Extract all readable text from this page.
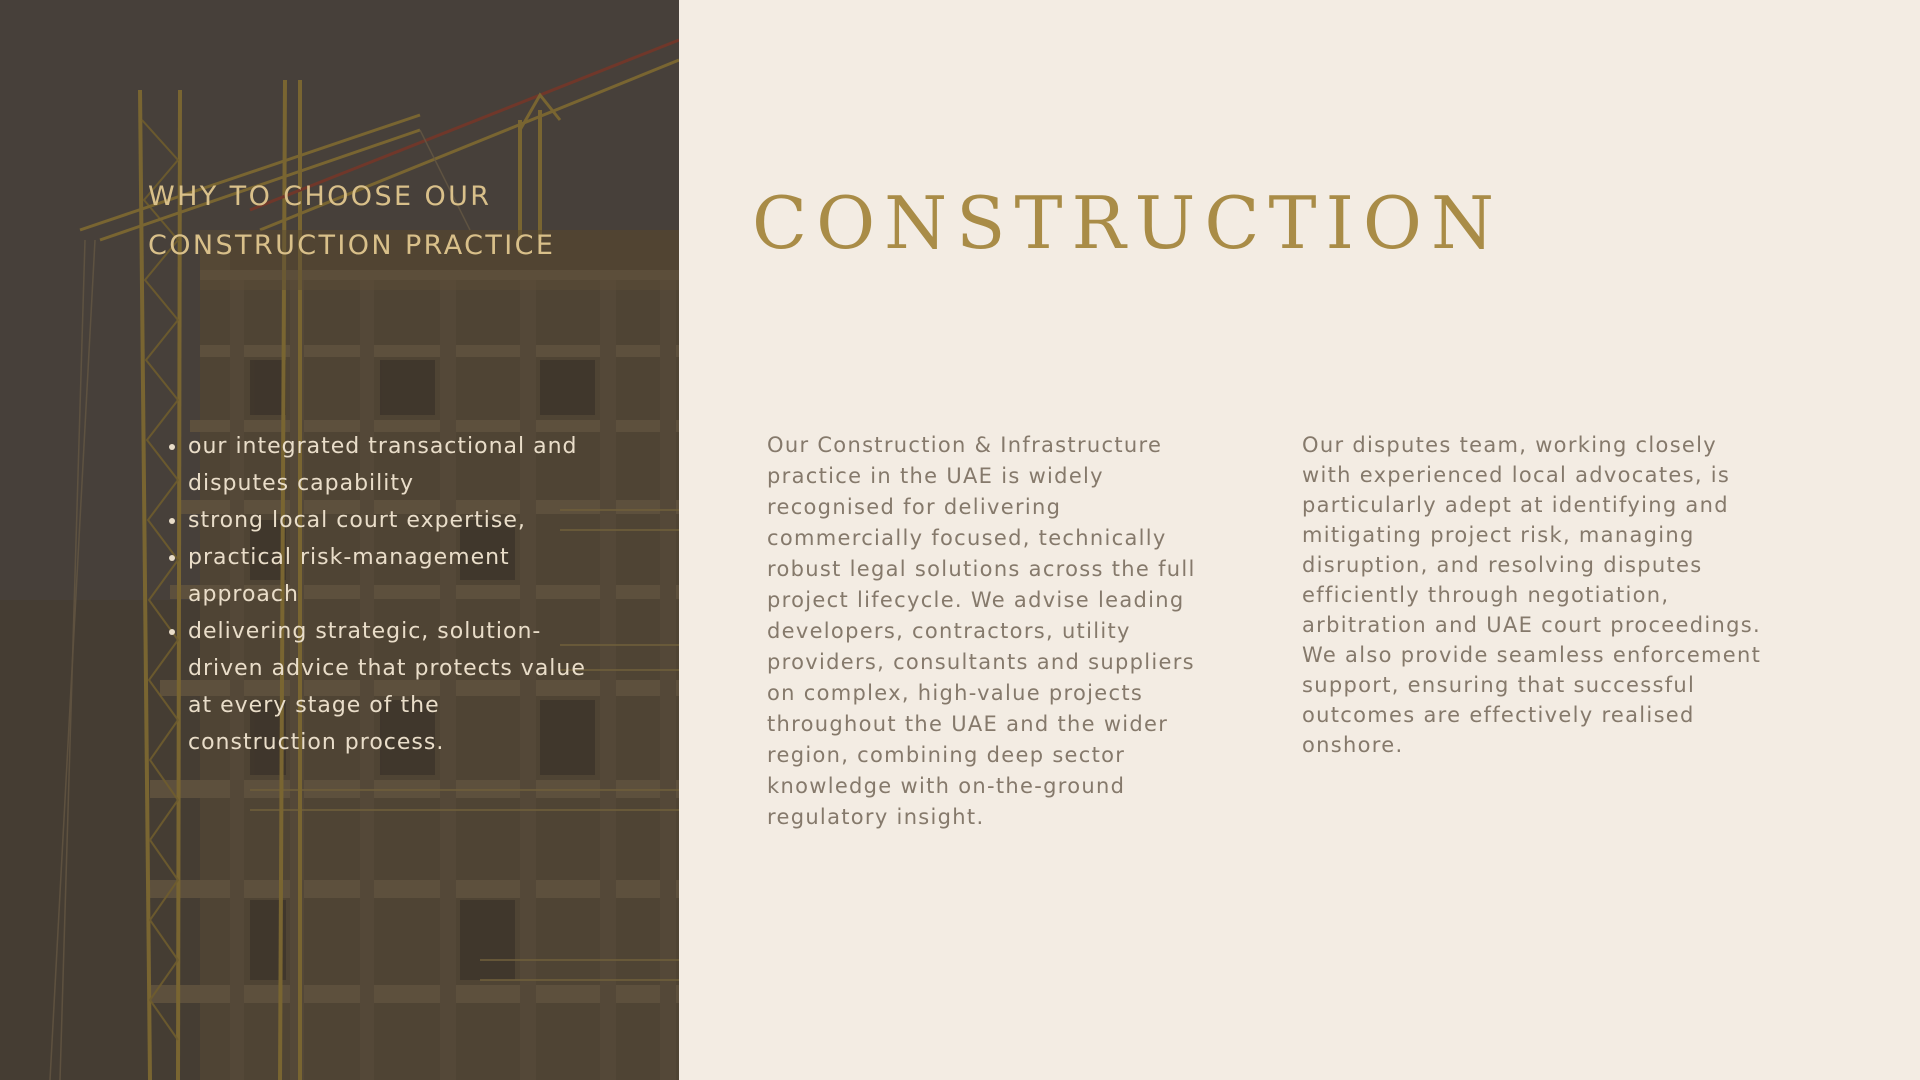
WHY TO CHOOSE OUR CONSTRUCTION PRACTICE
• our integrated transactional and disputes capability
• strong local court expertise,
• practical risk-management approach
• delivering strategic, solution-driven advice that protects value at every stage of the construction process.
CONSTRUCTION

Our Construction & Infrastructure practice in the UAE is widely recognised for delivering commercially focused, technically robust legal solutions across the full project lifecycle. We advise leading developers, contractors, utility providers, consultants and suppliers on complex, high-value projects throughout the UAE and the wider region, combining deep sector knowledge with on-the-ground regulatory insight.

Our disputes team, working closely with experienced local advocates, is particularly adept at identifying and mitigating project risk, managing disruption, and resolving disputes efficiently through negotiation, arbitration and UAE court proceedings. We also provide seamless enforcement support, ensuring that successful outcomes are effectively realised onshore.
